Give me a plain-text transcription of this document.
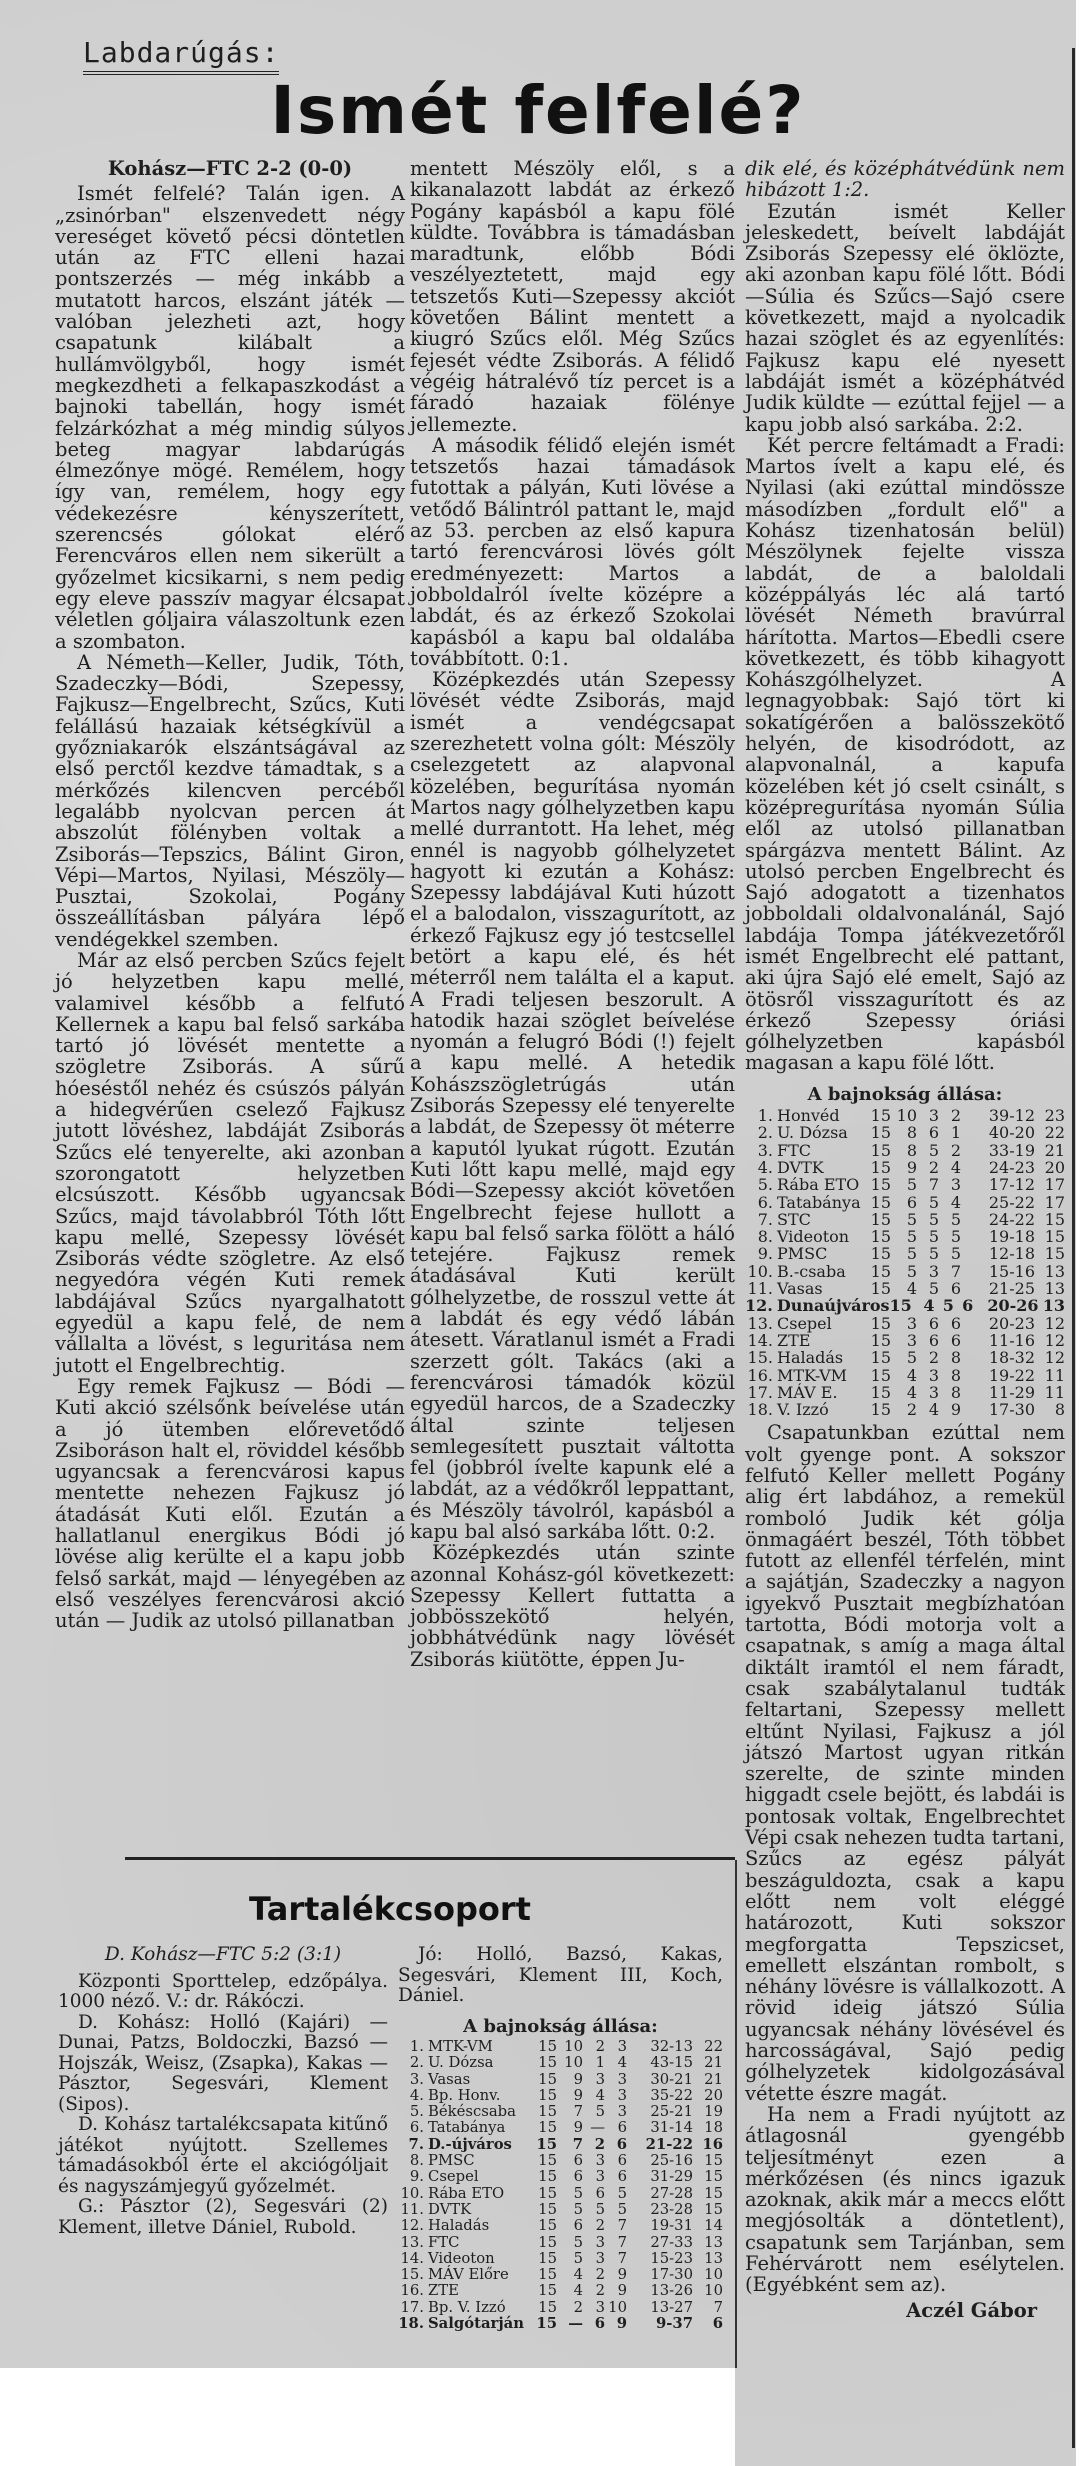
Labdarúgás:
Ismét felfelé?

Kohász—FTC 2-2 (0-0)

Ismét felfelé? Talán igen. A „zsinórban" elszenvedett négy vereséget követő pécsi döntetlen után az FTC elleni hazai pontszerzés — még inkább a mutatott harcos, elszánt játék — valóban jelezheti azt, hogy csapatunk kilábalt a hullámvölgyből, hogy ismét megkezdheti a felkapaszkodást a bajnoki tabellán, hogy ismét felzárkózhat a még mindig súlyos beteg magyar labdarúgás élmezőnye mögé. Remélem, hogy így van, remélem, hogy egy védekezésre kényszerített, szerencsés gólokat elérő Ferencváros ellen nem sikerült a győzelmet kicsikarni, s nem pedig egy eleve passzív magyar élcsapat véletlen góljaira válaszoltunk ezen a szombaton.

A Németh—Keller, Judik, Tóth, Szadeczky—Bódi, Szepessy, Fajkusz—Engelbrecht, Szűcs, Kuti felállású hazaiak kétségkívül a győzniakarók elszántságával az első perctől kezdve támadtak, s a mérkőzés kilencven percéből legalább nyolcvan percen át abszolút fölényben voltak a Zsiborás—Tepszics, Bálint Giron, Vépi—Martos, Nyilasi, Mészöly—Pusztai, Szokolai, Pogány összeállításban pályára lépő vendégekkel szemben.

Már az első percben Szűcs fejelt jó helyzetben kapu mellé, valamivel később a felfutó Kellernek a kapu bal felső sarkába tartó jó lövését mentette a szögletre Zsiborás. A sűrű hóeséstől nehéz és csúszós pályán a hidegvérűen cselező Fajkusz jutott lövéshez, labdáját Zsiborás Szűcs elé tenyerelte, aki azonban szorongatott helyzetben elcsúszott. Később ugyancsak Szűcs, majd távolabbról Tóth lőtt kapu mellé, Szepessy lövését Zsiborás védte szögletre. Az első negyedóra végén Kuti remek labdájával Szűcs nyargalhatott egyedül a kapu felé, de nem vállalta a lövést, s leguritása nem jutott el Engelbrechtig.

Egy remek Fajkusz — Bódi — Kuti akció szélsőnk beívelése után a jó ütemben előrevetődő Zsiboráson halt el, röviddel később ugyancsak a ferencvárosi kapus mentette nehezen Fajkusz jó átadását Kuti elől. Ezután a hallatlanul energikus Bódi jó lövése alig kerülte el a kapu jobb felső sarkát, majd — lényegében az első veszélyes ferencvárosi akció után — Judik az utolsó pillanatban

mentett Mészöly elől, s a kikanalazott labdát az érkező Pogány kapásból a kapu fölé küldte. Továbbra is támadásban maradtunk, előbb Bódi veszélyeztetett, majd egy tetszetős Kuti—Szepessy akciót követően Bálint mentett a kiugró Szűcs elől. Még Szűcs fejesét védte Zsiborás. A félidő végéig hátralévő tíz percet is a fáradó hazaiak fölénye jellemezte.

A második félidő elején ismét tetszetős hazai támadások futottak a pályán, Kuti lövése a vetődő Bálintról pattant le, majd az 53. percben az első kapura tartó ferencvárosi lövés gólt eredményezett: Martos a jobboldalról ívelte középre a labdát, és az érkező Szokolai kapásból a kapu bal oldalába továbbított. 0:1.

Középkezdés után Szepessy lövését védte Zsiborás, majd ismét a vendégcsapat szerezhetett volna gólt: Mészöly cselezgetett az alapvonal közelében, begurítása nyomán Martos nagy gólhelyzetben kapu mellé durrantott. Ha lehet, még ennél is nagyobb gólhelyzetet hagyott ki ezután a Kohász: Szepessy labdájával Kuti húzott el a balodalon, visszagurított, az érkező Fajkusz egy jó testcsellel betört a kapu elé, és hét méterről nem találta el a kaput. A Fradi teljesen beszorult. A hatodik hazai szöglet beívelése nyomán a felugró Bódi (!) fejelt a kapu mellé. A hetedik Kohászszögletrúgás után Zsiborás Szepessy elé tenyerelte a labdát, de Szepessy öt méterre a kaputól lyukat rúgott. Ezután Kuti lőtt kapu mellé, majd egy Bódi—Szepessy akciót követően Engelbrecht fejese hullott a kapu bal felső sarka fölött a háló tetejére. Fajkusz remek átadásával Kuti került gólhelyzetbe, de rosszul vette át a labdát és egy védő lábán átesett. Váratlanul ismét a Fradi szerzett gólt. Takács (aki a ferencvárosi támadók közül egyedül harcos, de a Szadeczky által szinte teljesen semlegesített pusztait váltotta fel (jobbról ívelte kapunk elé a labdát, az a védőkről leppattant, és Mészöly távolról, kapásból a kapu bal alsó sarkába lőtt. 0:2.

Középkezdés után szinte azonnal Kohász-gól következett: Szepessy Kellert futtatta a jobbösszekötő helyén, jobbhátvédünk nagy lövését Zsiborás kiütötte, éppen Ju-

dik elé, és középhátvédünk nem hibázott 1:2.

Ezután ismét Keller jeleskedett, beívelt labdáját Zsiborás Szepessy elé öklözte, aki azonban kapu fölé lőtt. Bódi—Súlia és Szűcs—Sajó csere következett, majd a nyolcadik hazai szöglet és az egyenlítés: Fajkusz kapu elé nyesett labdáját ismét a középhátvéd Judik küldte — ezúttal fejjel — a kapu jobb alsó sarkába. 2:2.

Két percre feltámadt a Fradi: Martos ívelt a kapu elé, és Nyilasi (aki ezúttal mindössze másodízben „fordult elő" a Kohász tizenhatosán belül) Mészölynek fejelte vissza labdát, de a baloldali középpályás léc alá tartó lövését Németh bravúrral hárította. Martos—Ebedli csere következett, és több kihagyott Kohászgólhelyzet. A legnagyobbak: Sajó tört ki sokatígérően a balösszekötő helyén, de kisodródott, az alapvonalnál, a kapufa közelében két jó cselt csinált, s középregurítása nyomán Súlia elől az utolsó pillanatban spárgázva mentett Bálint. Az utolsó percben Engelbrecht és Sajó adogatott a tizenhatos jobboldali oldalvonalánál, Sajó labdája Tompa játékvezetőről ismét Engelbrecht elé pattant, aki újra Sajó elé emelt, Sajó az ötösről visszagurított és az érkező Szepessy óriási gólhelyzetben kapásból magasan a kapu fölé lőtt.

A bajnokság állása:
1. Honvéd	15 10 3 2	39-12 23
2. U. Dózsa	15 8 6 1	40-20 22
3. FTC	15 8 5 2	33-19 21
4. DVTK	15 9 2 4	24-23 20
5. Rába ETO 15 5 7 3	17-12 17
6. Tatabánya 15 6 5 4	25-22 17
7. STC	15 5 5 5	24-22 15
8. Videoton	15 5 5 5	19-18 15
9. PMSC	15 5 5 5	12-18 15
10. B.-csaba	15 5 3 7	15-16 13
11. Vasas	15 4 5 6	21-25 13
12. Dunaújváros 15 4 5 6 20-26 13
13. Csepel	15 3 6 6	20-23 12
14. ZTE	15 3 6 6	11-16 12
15. Haladás	15 5 2 8	18-32 12
16. MTK-VM	15 4 3 8	19-22 11
17. MÁV E.	15 4 3 8	11-29 11
18. V. Izzó	15 2 4 9	17-30	8

Csapatunkban ezúttal nem volt gyenge pont. A sokszor felfutó Keller mellett Pogány alig ért labdához, a remekül romboló Judik két gólja önmagáért beszél, Tóth többet futott az ellenfél térfelén, mint a sajátján, Szadeczky a nagyon igyekvő Pusztait megbízhatóan tartotta, Bódi motorja volt a csapatnak, s amíg a maga által diktált iramtól el nem fáradt, csak szabálytalanul tudták feltartani, Szepessy mellett eltűnt Nyilasi, Fajkusz a jól játszó Martost ugyan ritkán szerelte, de szinte minden higgadt csele bejött, és labdái is pontosak voltak, Engelbrechtet Vépi csak nehezen tudta tartani, Szűcs az egész pályát beszáguldozta, csak a kapu előtt nem volt eléggé határozott, Kuti sokszor megforgatta Tepszicset, emellett elszántan rombolt, s néhány lövésre is vállalkozott. A rövid ideig játszó Súlia ugyancsak néhány lövésével és harcosságával, Sajó pedig gólhelyzetek kidolgozásával vétette észre magát.

Ha nem a Fradi nyújtott az átlagosnál gyengébb teljesítményt ezen a mérkőzésen (és nincs igazuk azoknak, akik már a meccs előtt megjósolták a döntetlent), csapatunk sem Tarjánban, sem Fehérvárott nem esélytelen. (Egyébként sem az).

Aczél Gábor

Tartalékcsoport

D. Kohász—FTC 5:2 (3:1)

Központi Sporttelep, edzőpálya. 1000 néző. V.: dr. Rákóczi.

D. Kohász: Holló (Kajári) — Dunai, Patzs, Boldoczki, Bazsó — Hojszák, Weisz, (Zsapka), Kakas — Pásztor, Segesvári, Klement (Sipos).

D. Kohász tartalékcsapata kitűnő játékot nyújtott. Szellemes támadásokból érte el akciógóljait és nagyszámjegyű győzelmét.

G.: Pásztor (2), Segesvári (2) Klement, illetve Dániel, Rubold.

Jó: Holló, Bazsó, Kakas, Segesvári, Klement III, Koch, Dániel.

A bajnokság állása:
1. MTK-VM	15 10 2 3	32-13 22
2. U. Dózsa	15 10 1 4	43-15 21
3. Vasas	15	9 3 3	30-21 21
4. Bp. Honv.	15	9 4 3	35-22 20
5. Békéscsaba	15	7 5 3	25-21 19
6. Tatabánya	15	9 — 6	31-14 18
7. D.-újváros	15	7 2 6	21-22 16
8. PMSC	15	6 3 6	25-16 15
9. Csepel	15	6 3 6	31-29 15
10. Rába ETO	15	5 6 5	27-28 15
11. DVTK	15	5 5 5	23-28 15
12. Haladás	15	6 2 7	19-31 14
13. FTC	15	5 3 7	27-33 13
14. Videoton	15	5 3 7	15-23 13
15. MÁV Előre	15	4 2 9	17-30 10
16. ZTE	15	4 2 9	13-26 10
17. Bp. V. Izzó	15	2 3 10	13-27	7
18. Salgótarján 15 — 6 9	9-37	6
